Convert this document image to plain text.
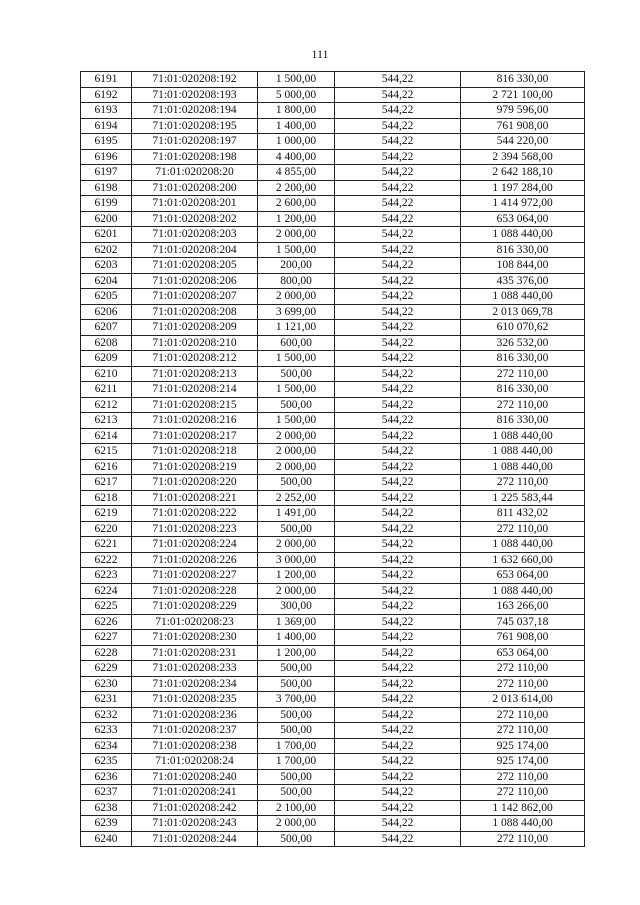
111
6191	71:01:020208:192	1 500,00	544,22	816 330,00
6192	71:01:020208:193	5 000,00	544,22	2 721 100,00
6193	71:01:020208:194	1 800,00	544,22	979 596,00
6194	71:01:020208:195	1 400,00	544,22	761 908,00
6195	71:01:020208:197	1 000,00	544,22	544 220,00
6196	71:01:020208:198	4 400,00	544,22	2 394 568,00
6197	71:01:020208:20	4 855,00	544,22	2 642 188,10
6198	71:01:020208:200	2 200,00	544,22	1 197 284,00
6199	71:01:020208:201	2 600,00	544,22	1 414 972,00
6200	71:01:020208:202	1 200,00	544,22	653 064,00
6201	71:01:020208:203	2 000,00	544,22	1 088 440,00
6202	71:01:020208:204	1 500,00	544,22	816 330,00
6203	71:01:020208:205	200,00	544,22	108 844,00
6204	71:01:020208:206	800,00	544,22	435 376,00
6205	71:01:020208:207	2 000,00	544,22	1 088 440,00
6206	71:01:020208:208	3 699,00	544,22	2 013 069,78
6207	71:01:020208:209	1 121,00	544,22	610 070,62
6208	71:01:020208:210	600,00	544,22	326 532,00
6209	71:01:020208:212	1 500,00	544,22	816 330,00
6210	71:01:020208:213	500,00	544,22	272 110,00
6211	71:01:020208:214	1 500,00	544,22	816 330,00
6212	71:01:020208:215	500,00	544,22	272 110,00
6213	71:01:020208:216	1 500,00	544,22	816 330,00
6214	71:01:020208:217	2 000,00	544,22	1 088 440,00
6215	71:01:020208:218	2 000,00	544,22	1 088 440,00
6216	71:01:020208:219	2 000,00	544,22	1 088 440,00
6217	71:01:020208:220	500,00	544,22	272 110,00
6218	71:01:020208:221	2 252,00	544,22	1 225 583,44
6219	71:01:020208:222	1 491,00	544,22	811 432,02
6220	71:01:020208:223	500,00	544,22	272 110,00
6221	71:01:020208:224	2 000,00	544,22	1 088 440,00
6222	71:01:020208:226	3 000,00	544,22	1 632 660,00
6223	71:01:020208:227	1 200,00	544,22	653 064,00
6224	71:01:020208:228	2 000,00	544,22	1 088 440,00
6225	71:01:020208:229	300,00	544,22	163 266,00
6226	71:01:020208:23	1 369,00	544,22	745 037,18
6227	71:01:020208:230	1 400,00	544,22	761 908,00
6228	71:01:020208:231	1 200,00	544,22	653 064,00
6229	71:01:020208:233	500,00	544,22	272 110,00
6230	71:01:020208:234	500,00	544,22	272 110,00
6231	71:01:020208:235	3 700,00	544,22	2 013 614,00
6232	71:01:020208:236	500,00	544,22	272 110,00
6233	71:01:020208:237	500,00	544,22	272 110,00
6234	71:01:020208:238	1 700,00	544,22	925 174,00
6235	71:01:020208:24	1 700,00	544,22	925 174,00
6236	71:01:020208:240	500,00	544,22	272 110,00
6237	71:01:020208:241	500,00	544,22	272 110,00
6238	71:01:020208:242	2 100,00	544,22	1 142 862,00
6239	71:01:020208:243	2 000,00	544,22	1 088 440,00
6240	71:01:020208:244	500,00	544,22	272 110,00
